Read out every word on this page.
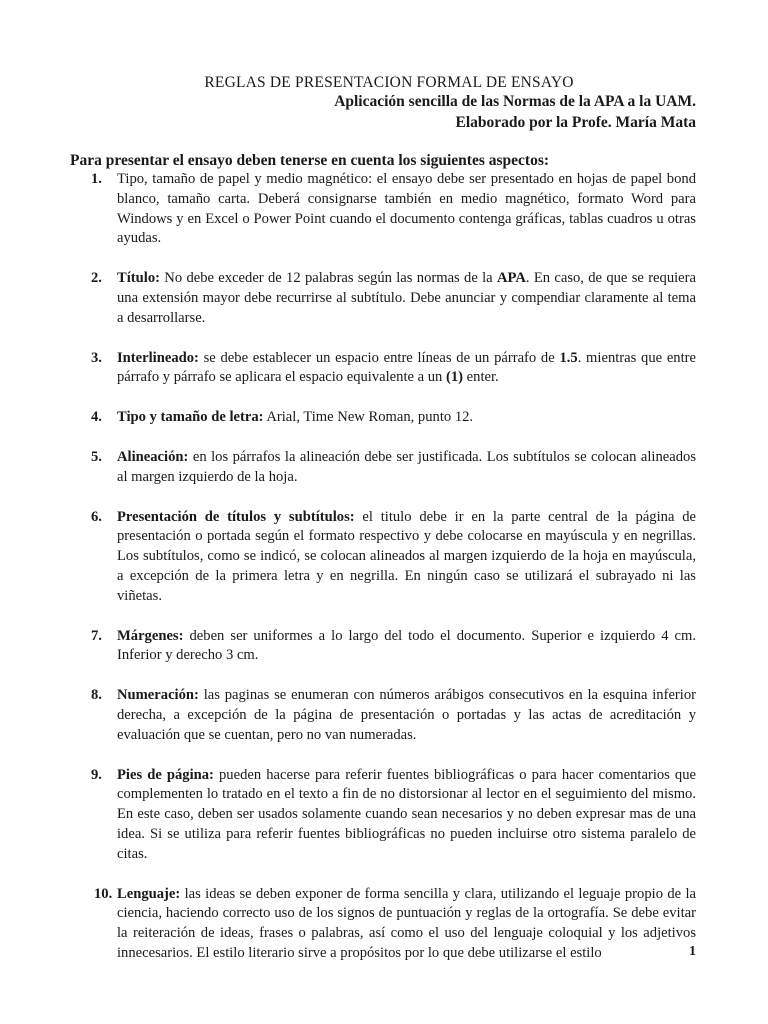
REGLAS DE PRESENTACION FORMAL DE ENSAYO
Aplicación sencilla de las Normas de la APA a la UAM.
Elaborado por la Profe. María Mata
Para presentar el ensayo deben tenerse en cuenta los siguientes aspectos:
1. Tipo, tamaño de papel y medio magnético: el ensayo debe ser presentado en hojas de papel bond blanco, tamaño carta. Deberá consignarse también en medio magnético, formato Word para Windows y en Excel o Power Point cuando el documento contenga gráficas, tablas cuadros u otras ayudas.
2. Título: No debe exceder de 12 palabras según las normas de la APA. En caso, de que se requiera una extensión mayor debe recurrirse al subtítulo. Debe anunciar y compendiar claramente al tema a desarrollarse.
3. Interlineado: se debe establecer un espacio entre líneas de un párrafo de 1.5. mientras que entre párrafo y párrafo se aplicara el espacio equivalente a un (1) enter.
4. Tipo y tamaño de letra: Arial, Time New Roman, punto 12.
5. Alineación: en los párrafos la alineación debe ser justificada. Los subtítulos se colocan alineados al margen izquierdo de la hoja.
6. Presentación de títulos y subtítulos: el titulo debe ir en la parte central de la página de presentación o portada según el formato respectivo y debe colocarse en mayúscula y en negrillas. Los subtítulos, como se indicó, se colocan alineados al margen izquierdo de la hoja en mayúscula, a excepción de la primera letra y en negrilla. En ningún caso se utilizará el subrayado ni las viñetas.
7. Márgenes: deben ser uniformes a lo largo del todo el documento. Superior e izquierdo 4 cm. Inferior y derecho 3 cm.
8. Numeración: las paginas se enumeran con números arábigos consecutivos en la esquina inferior derecha, a excepción de la página de presentación o portadas y las actas de acreditación y evaluación que se cuentan, pero no van numeradas.
9. Pies de página: pueden hacerse para referir fuentes bibliográficas o para hacer comentarios que complementen lo tratado en el texto a fin de no distorsionar al lector en el seguimiento del mismo. En este caso, deben ser usados solamente cuando sean necesarios y no deben expresar mas de una idea. Si se utiliza para referir fuentes bibliográficas no pueden incluirse otro sistema paralelo de citas.
10. Lenguaje: las ideas se deben exponer de forma sencilla y clara, utilizando el leguaje propio de la ciencia, haciendo correcto uso de los signos de puntuación y reglas de la ortografía. Se debe evitar la reiteración de ideas, frases o palabras, así como el uso del lenguaje coloquial y los adjetivos innecesarios. El estilo literario sirve a propósitos por lo que debe utilizarse el estilo	1
